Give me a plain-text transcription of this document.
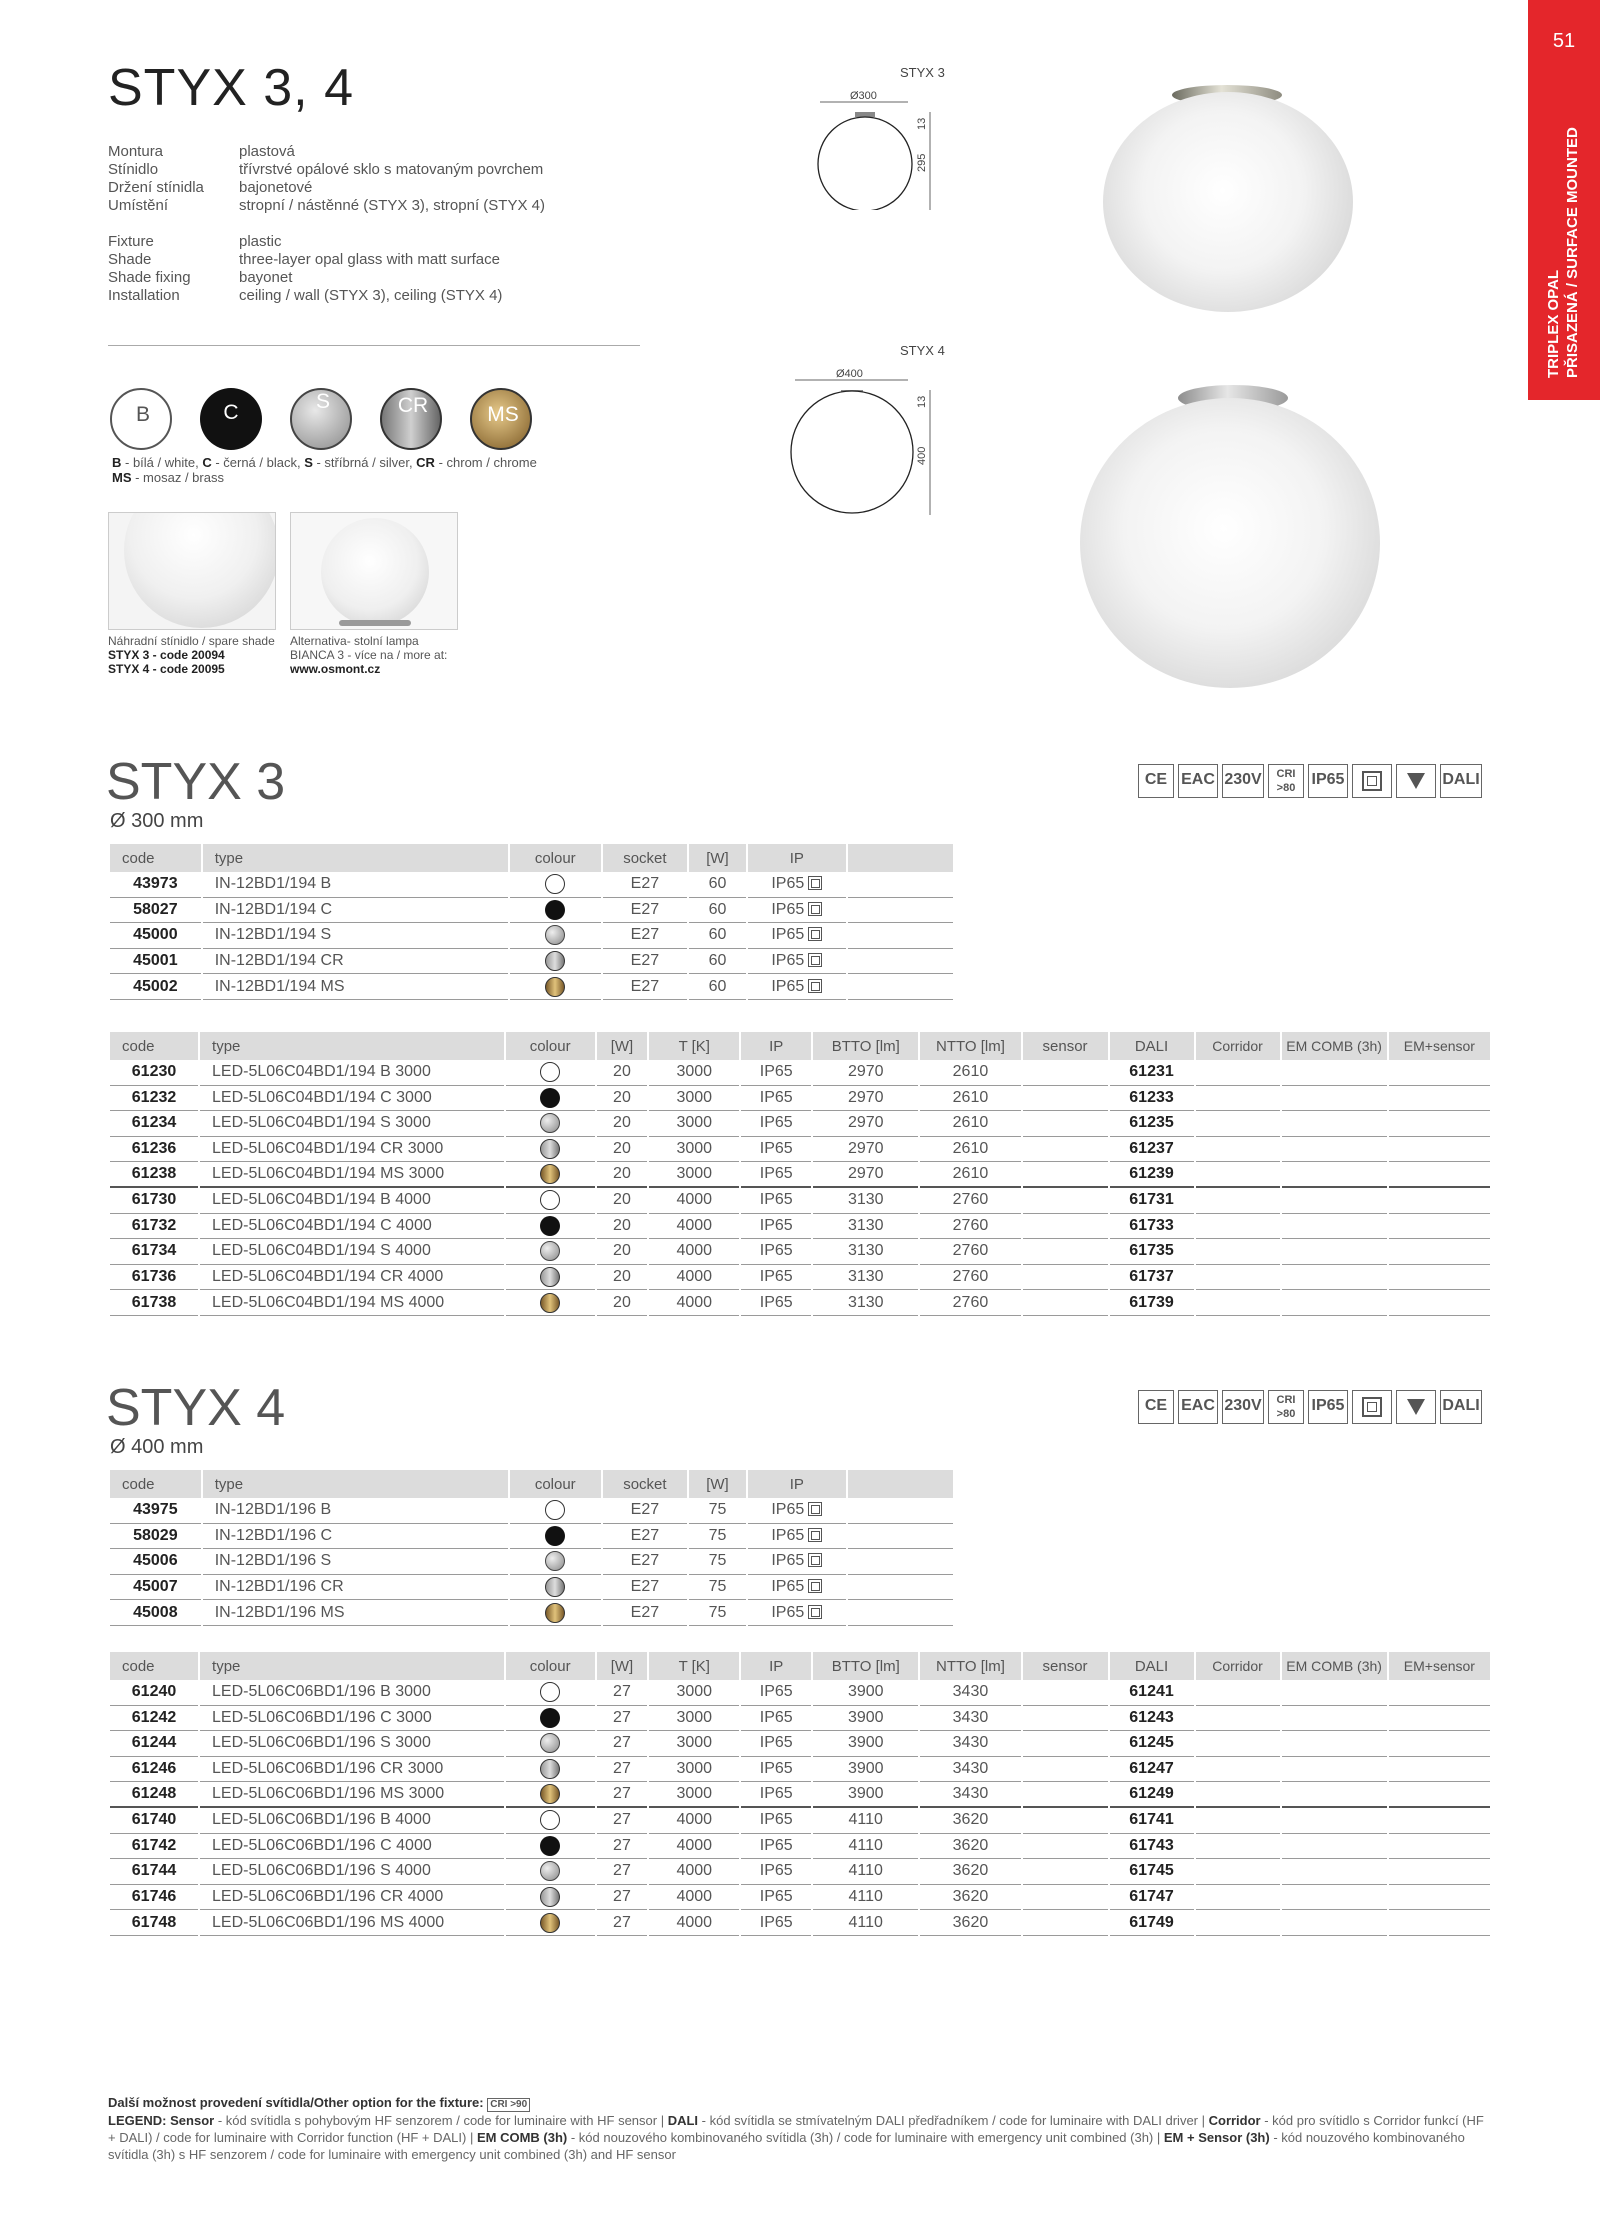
51
TRIPLEX OPAL PŘISAZENÁ / SURFACE MOUNTED
STYX 3, 4
Montura	plastová
Stínidlo	třívrstvé opálové sklo s matovaným povrchem
Držení stínidla bajonetové
Umístění	stropní / nástěnné (STYX 3), stropní (STYX 4)
Fixture	plastic
Shade	three-layer opal glass with matt surface
Shade fixing	bayonet
Installation	ceiling / wall (STYX 3), ceiling (STYX 4)
B	C	S	CR	MS
B - bílá / white, C - černá / black, S - stříbrná / silver, CR - chrom / chrome
MS - mosaz / brass
Náhradní stínidlo / spare shade
STYX 3 - code 20094
STYX 4 - code 20095
Alternativa- stolní lampa
BIANCA 3 - více na / more at:
www.osmont.cz
STYX 3
Ø300
13
295
STYX 4
Ø400
13
400
STYX 3
Ø 300 mm
CE EAC 230V	CRI
>80	IP65	DALI
code	type	colour	socket	[W]	IP	
43973	IN-12BD1/194 B		E27	60	IP65	
58027	IN-12BD1/194 C		E27	60	IP65	
45000	IN-12BD1/194 S		E27	60	IP65	
45001	IN-12BD1/194 CR		E27	60	IP65	
45002	IN-12BD1/194 MS		E27	60	IP65	
code	type	colour	[W]	T [K]	IP	BTTO [lm]	NTTO [lm]	sensor	DALI	Corridor	EM COMB (3h)	EM+sensor
61230	LED-5L06C04BD1/194 B 3000		20	3000	IP65	2970	2610		61231			
61232	LED-5L06C04BD1/194 C 3000		20	3000	IP65	2970	2610		61233			
61234	LED-5L06C04BD1/194 S 3000		20	3000	IP65	2970	2610		61235			
61236	LED-5L06C04BD1/194 CR 3000		20	3000	IP65	2970	2610		61237			
61238	LED-5L06C04BD1/194 MS 3000		20	3000	IP65	2970	2610		61239			
61730	LED-5L06C04BD1/194 B 4000		20	4000	IP65	3130	2760		61731			
61732	LED-5L06C04BD1/194 C 4000		20	4000	IP65	3130	2760		61733			
61734	LED-5L06C04BD1/194 S 4000		20	4000	IP65	3130	2760		61735			
61736	LED-5L06C04BD1/194 CR 4000		20	4000	IP65	3130	2760		61737			
61738	LED-5L06C04BD1/194 MS 4000		20	4000	IP65	3130	2760		61739			
STYX 4
Ø 400 mm
CE EAC 230V	CRI
>80	IP65	DALI
code	type	colour	socket	[W]	IP	
43975	IN-12BD1/196 B		E27	75	IP65	
58029	IN-12BD1/196 C		E27	75	IP65	
45006	IN-12BD1/196 S		E27	75	IP65	
45007	IN-12BD1/196 CR		E27	75	IP65	
45008	IN-12BD1/196 MS		E27	75	IP65	
code	type	colour	[W]	T [K]	IP	BTTO [lm]	NTTO [lm]	sensor	DALI	Corridor	EM COMB (3h)	EM+sensor
61240	LED-5L06C06BD1/196 B 3000		27	3000	IP65	3900	3430		61241			
61242	LED-5L06C06BD1/196 C 3000		27	3000	IP65	3900	3430		61243			
61244	LED-5L06C06BD1/196 S 3000		27	3000	IP65	3900	3430		61245			
61246	LED-5L06C06BD1/196 CR 3000		27	3000	IP65	3900	3430		61247			
61248	LED-5L06C06BD1/196 MS 3000		27	3000	IP65	3900	3430		61249			
61740	LED-5L06C06BD1/196 B 4000		27	4000	IP65	4110	3620		61741			
61742	LED-5L06C06BD1/196 C 4000		27	4000	IP65	4110	3620		61743			
61744	LED-5L06C06BD1/196 S 4000		27	4000	IP65	4110	3620		61745			
61746	LED-5L06C06BD1/196 CR 4000		27	4000	IP65	4110	3620		61747			
61748	LED-5L06C06BD1/196 MS 4000		27	4000	IP65	4110	3620		61749			
Další možnost provedení svítidla/Other option for the fixture: CRI >90
LEGEND: Sensor - kód svítidla s pohybovým HF senzorem / code for luminaire with HF sensor | DALI - kód svítidla se stmívatelným DALI předřadníkem / code for luminaire with DALI driver | Corridor - kód pro svítidlo s Corridor funkcí (HF + DALI) / code for luminaire with Corridor function (HF + DALI) | EM COMB (3h) - kód nouzového kombinovaného svítidla (3h) / code for luminaire with emergency unit combined (3h) | EM + Sensor (3h) - kód nouzového kombinovaného svítidla (3h) s HF senzorem / code for luminaire with emergency unit combined (3h) and HF sensor
